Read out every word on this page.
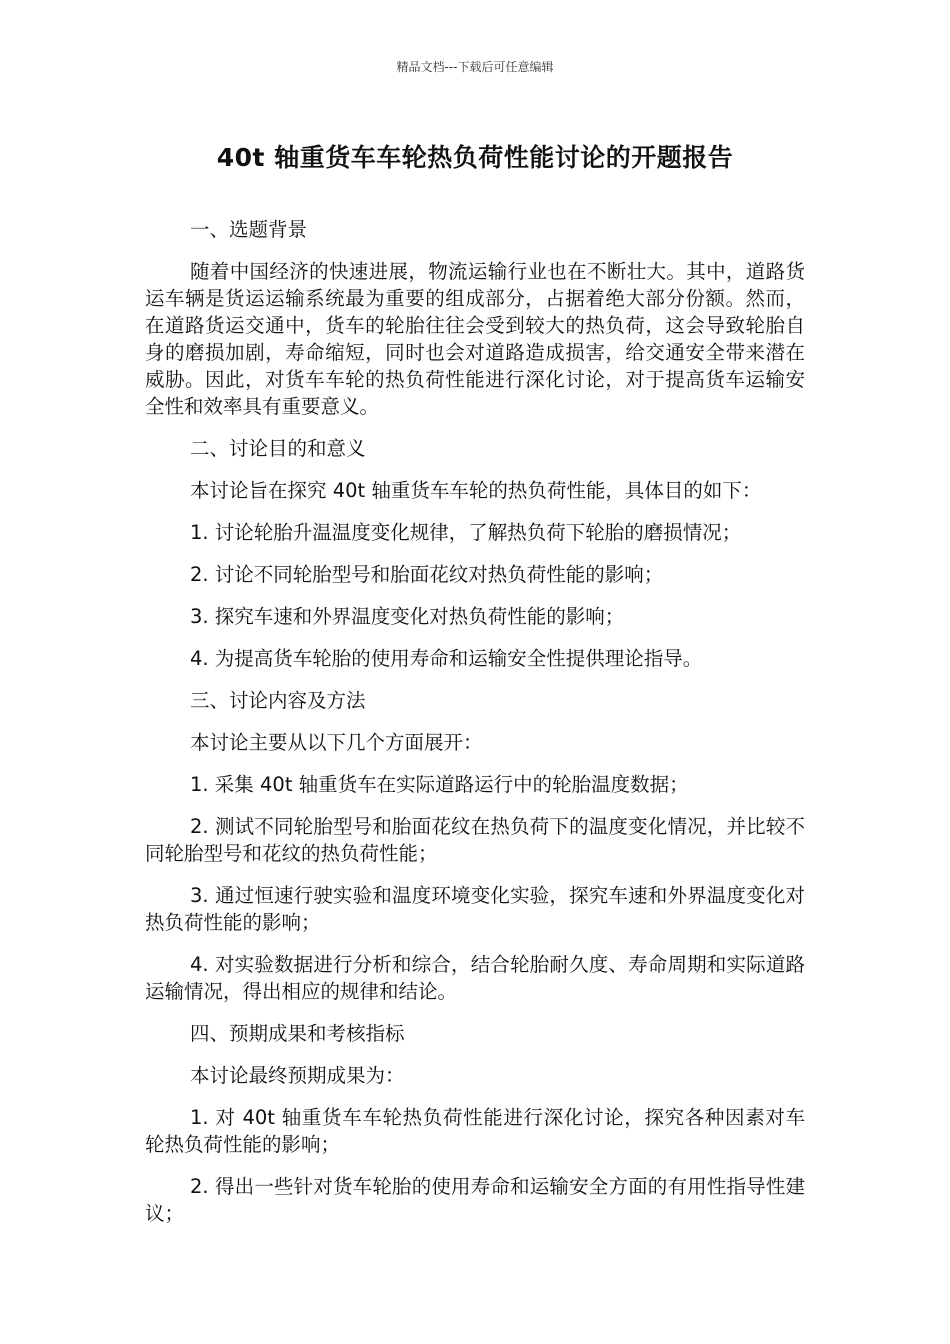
精品文档---下载后可任意编辑
40t 轴重货车车轮热负荷性能讨论的开题报告

一、选题背景

随着中国经济的快速进展，物流运输行业也在不断壮大。其中，道路货运车辆是货运运输系统最为重要的组成部分，占据着绝大部分份额。然而，在道路货运交通中，货车的轮胎往往会受到较大的热负荷，这会导致轮胎自身的磨损加剧，寿命缩短，同时也会对道路造成损害，给交通安全带来潜在威胁。因此，对货车车轮的热负荷性能进行深化讨论，对于提高货车运输安全性和效率具有重要意义。

二、讨论目的和意义

本讨论旨在探究 40t 轴重货车车轮的热负荷性能，具体目的如下：

1. 讨论轮胎升温温度变化规律，了解热负荷下轮胎的磨损情况；

2. 讨论不同轮胎型号和胎面花纹对热负荷性能的影响；

3. 探究车速和外界温度变化对热负荷性能的影响；

4. 为提高货车轮胎的使用寿命和运输安全性提供理论指导。

三、讨论内容及方法

本讨论主要从以下几个方面展开：

1. 采集 40t 轴重货车在实际道路运行中的轮胎温度数据；

2. 测试不同轮胎型号和胎面花纹在热负荷下的温度变化情况，并比较不同轮胎型号和花纹的热负荷性能；

3. 通过恒速行驶实验和温度环境变化实验，探究车速和外界温度变化对热负荷性能的影响；

4. 对实验数据进行分析和综合，结合轮胎耐久度、寿命周期和实际道路运输情况，得出相应的规律和结论。

四、预期成果和考核指标

本讨论最终预期成果为：

1. 对 40t 轴重货车车轮热负荷性能进行深化讨论，探究各种因素对车轮热负荷性能的影响；

2. 得出一些针对货车轮胎的使用寿命和运输安全方面的有用性指导性建议；
